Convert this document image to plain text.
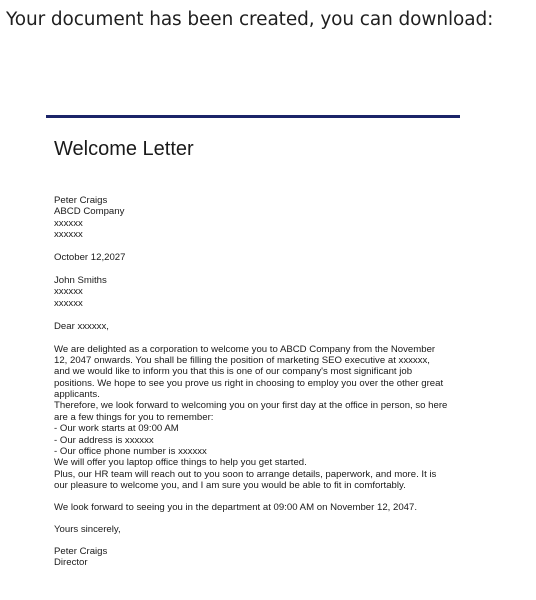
Your document has been created, you can download:
Welcome Letter
Peter Craigs
ABCD Company
xxxxxx
xxxxxx
October 12,2027
John Smiths
xxxxxx
xxxxxx
Dear xxxxxx,
We are delighted as a corporation to welcome you to ABCD Company from the November
12, 2047 onwards. You shall be filling the position of marketing SEO executive at xxxxxx,
and we would like to inform you that this is one of our company's most significant job
positions. We hope to see you prove us right in choosing to employ you over the other great
applicants.
Therefore, we look forward to welcoming you on your first day at the office in person, so here
are a few things for you to remember:
- Our work starts at 09:00 AM
- Our address is xxxxxx
- Our office phone number is xxxxxx
We will offer you laptop office things to help you get started.
Plus, our HR team will reach out to you soon to arrange details, paperwork, and more. It is
our pleasure to welcome you, and I am sure you would be able to fit in comfortably.
We look forward to seeing you in the department at 09:00 AM on November 12, 2047.
Yours sincerely,
Peter Craigs
Director
